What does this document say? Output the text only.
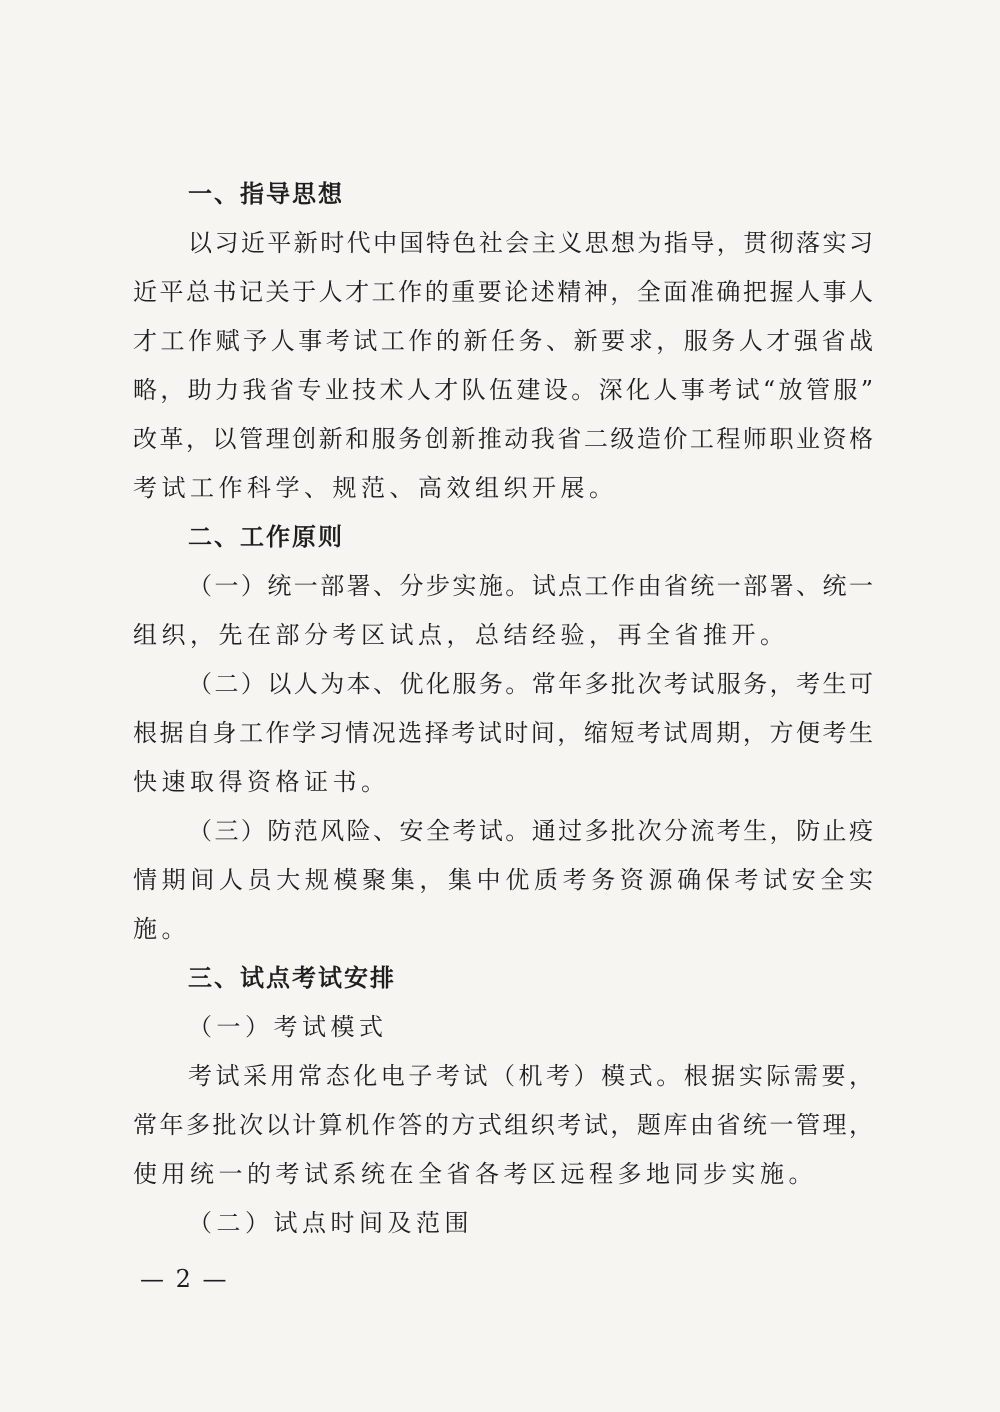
一、指导思想
以习近平新时代中国特色社会主义思想为指导，贯彻落实习
近平总书记关于人才工作的重要论述精神，全面准确把握人事人
才工作赋予人事考试工作的新任务、新要求，服务人才强省战
略，助力我省专业技术人才队伍建设。深化人事考试“放管服”
改革，以管理创新和服务创新推动我省二级造价工程师职业资格
考试工作科学、规范、高效组织开展。
二、工作原则
（一）统一部署、分步实施。试点工作由省统一部署、统一
组织，先在部分考区试点，总结经验，再全省推开。
（二）以人为本、优化服务。常年多批次考试服务，考生可
根据自身工作学习情况选择考试时间，缩短考试周期，方便考生
快速取得资格证书。
（三）防范风险、安全考试。通过多批次分流考生，防止疫
情期间人员大规模聚集，集中优质考务资源确保考试安全实
施。
三、试点考试安排
（一）考试模式
考试采用常态化电子考试（机考）模式。根据实际需要，
常年多批次以计算机作答的方式组织考试，题库由省统一管理，
使用统一的考试系统在全省各考区远程多地同步实施。
（二）试点时间及范围
— 2 —
